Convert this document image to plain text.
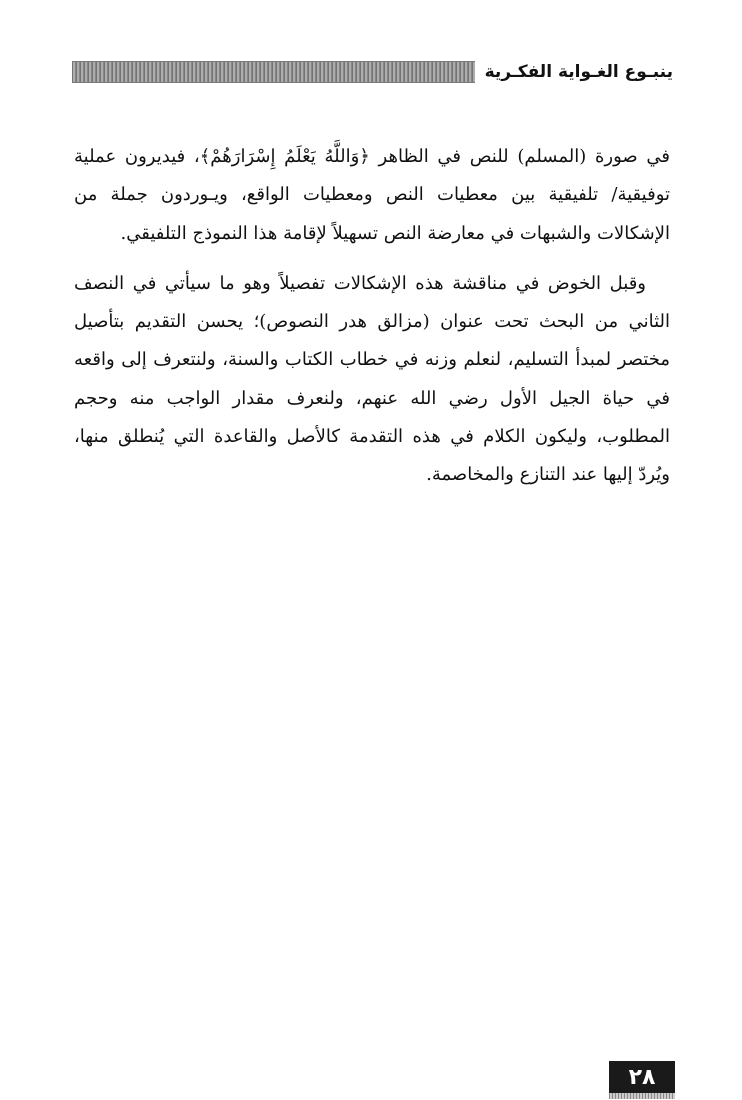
ينبـوع الغـواية الفكـرية

في صورة (المسلم) للنص في الظاهر ﴿وَاللَّهُ يَعْلَمُ إِسْرَارَهُمْ﴾، فيديرون عملية توفيقية/ تلفيقية بين معطيات النص ومعطيات الواقع، ويـوردون جملة من الإشكالات والشبهات في معارضة النص تسهيلاً لإقامة هذا النموذج التلفيقي.

وقبل الخوض في مناقشة هذه الإشكالات تفصيلاً وهو ما سيأتي في النصف الثاني من البحث تحت عنوان (مزالق هدر النصوص)؛ يحسن التقديم بتأصيل مختصر لمبدأ التسليم، لنعلم وزنه في خطاب الكتاب والسنة، ولنتعرف إلى واقعه في حياة الجيل الأول رضي الله عنهم، ولنعرف مقدار الواجب منه وحجم المطلوب، وليكون الكلام في هذه التقدمة كالأصل والقاعدة التي يُنطلق منها، ويُردّ إليها عند التنازع والمخاصمة.

٢٨
